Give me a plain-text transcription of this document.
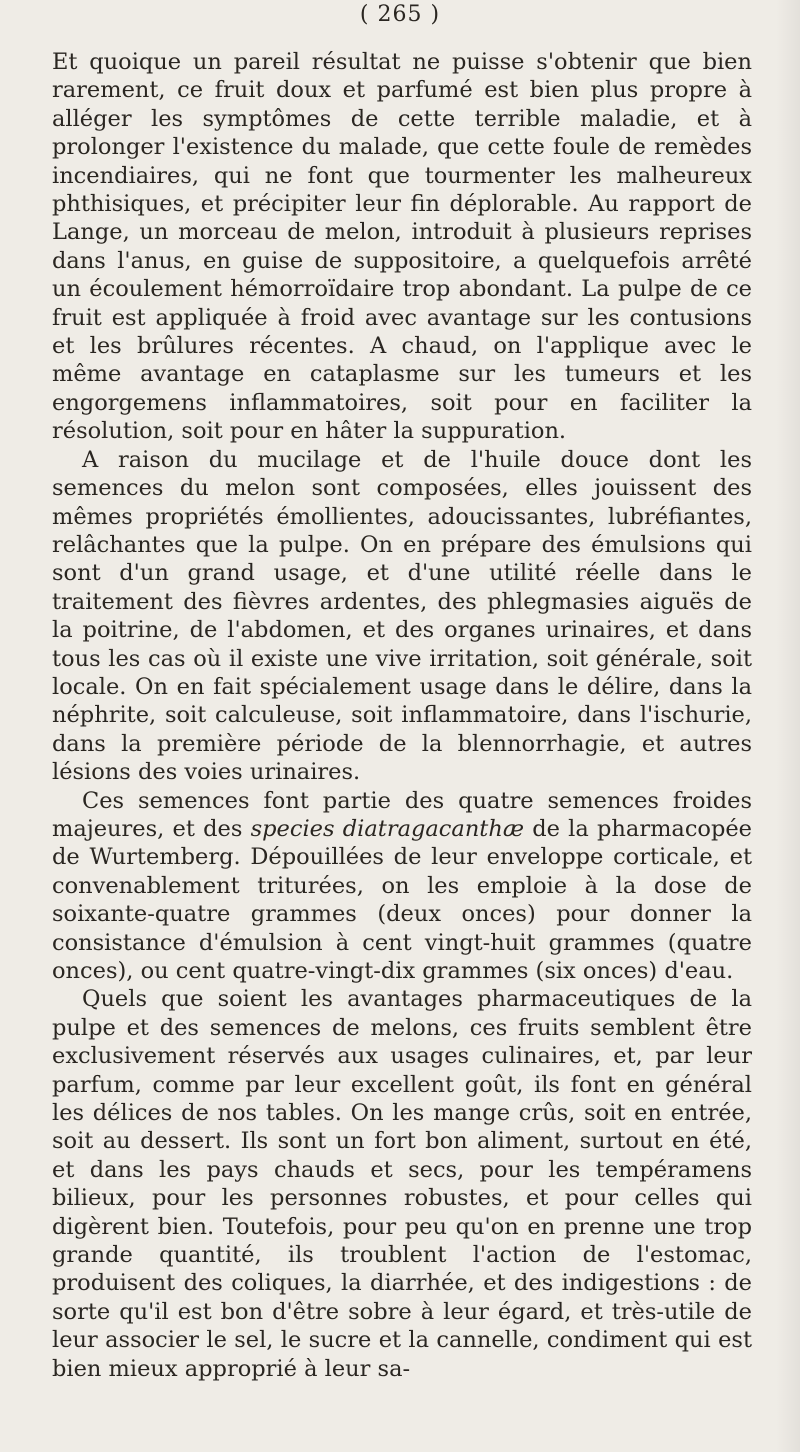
( 265 )

Et quoique un pareil résultat ne puisse s'obtenir que bien rarement, ce fruit doux et parfumé est bien plus propre à alléger les symptômes de cette terrible maladie, et à prolonger l'existence du malade, que cette foule de remèdes incendiaires, qui ne font que tourmenter les malheureux phthisiques, et précipiter leur fin déplorable. Au rapport de Lange, un morceau de melon, introduit à plusieurs reprises dans l'anus, en guise de suppositoire, a quelquefois arrêté un écoulement hémorroïdaire trop abondant. La pulpe de ce fruit est appliquée à froid avec avantage sur les contusions et les brûlures récentes. A chaud, on l'applique avec le même avantage en cataplasme sur les tumeurs et les engorgemens inflammatoires, soit pour en faciliter la résolution, soit pour en hâter la suppuration.

A raison du mucilage et de l'huile douce dont les semences du melon sont composées, elles jouissent des mêmes propriétés émollientes, adoucissantes, lubréfiantes, relâchantes que la pulpe. On en prépare des émulsions qui sont d'un grand usage, et d'une utilité réelle dans le traitement des fièvres ardentes, des phlegmasies aiguës de la poitrine, de l'abdomen, et des organes urinaires, et dans tous les cas où il existe une vive irritation, soit générale, soit locale. On en fait spécialement usage dans le délire, dans la néphrite, soit calculeuse, soit inflammatoire, dans l'ischurie, dans la première période de la blennorrhagie, et autres lésions des voies urinaires.

Ces semences font partie des quatre semences froides majeures, et des species diatragacanthæ de la pharmacopée de Wurtemberg. Dépouillées de leur enveloppe corticale, et convenablement triturées, on les emploie à la dose de soixante-quatre grammes (deux onces) pour donner la consistance d'émulsion à cent vingt-huit grammes (quatre onces), ou cent quatre-vingt-dix grammes (six onces) d'eau.

Quels que soient les avantages pharmaceutiques de la pulpe et des semences de melons, ces fruits semblent être exclusivement réservés aux usages culinaires, et, par leur parfum, comme par leur excellent goût, ils font en général les délices de nos tables. On les mange crûs, soit en entrée, soit au dessert. Ils sont un fort bon aliment, surtout en été, et dans les pays chauds et secs, pour les tempéramens bilieux, pour les personnes robustes, et pour celles qui digèrent bien. Toutefois, pour peu qu'on en prenne une trop grande quantité, ils troublent l'action de l'estomac, produisent des coliques, la diarrhée, et des indigestions : de sorte qu'il est bon d'être sobre à leur égard, et très-utile de leur associer le sel, le sucre et la cannelle, condiment qui est bien mieux approprié à leur sa-
